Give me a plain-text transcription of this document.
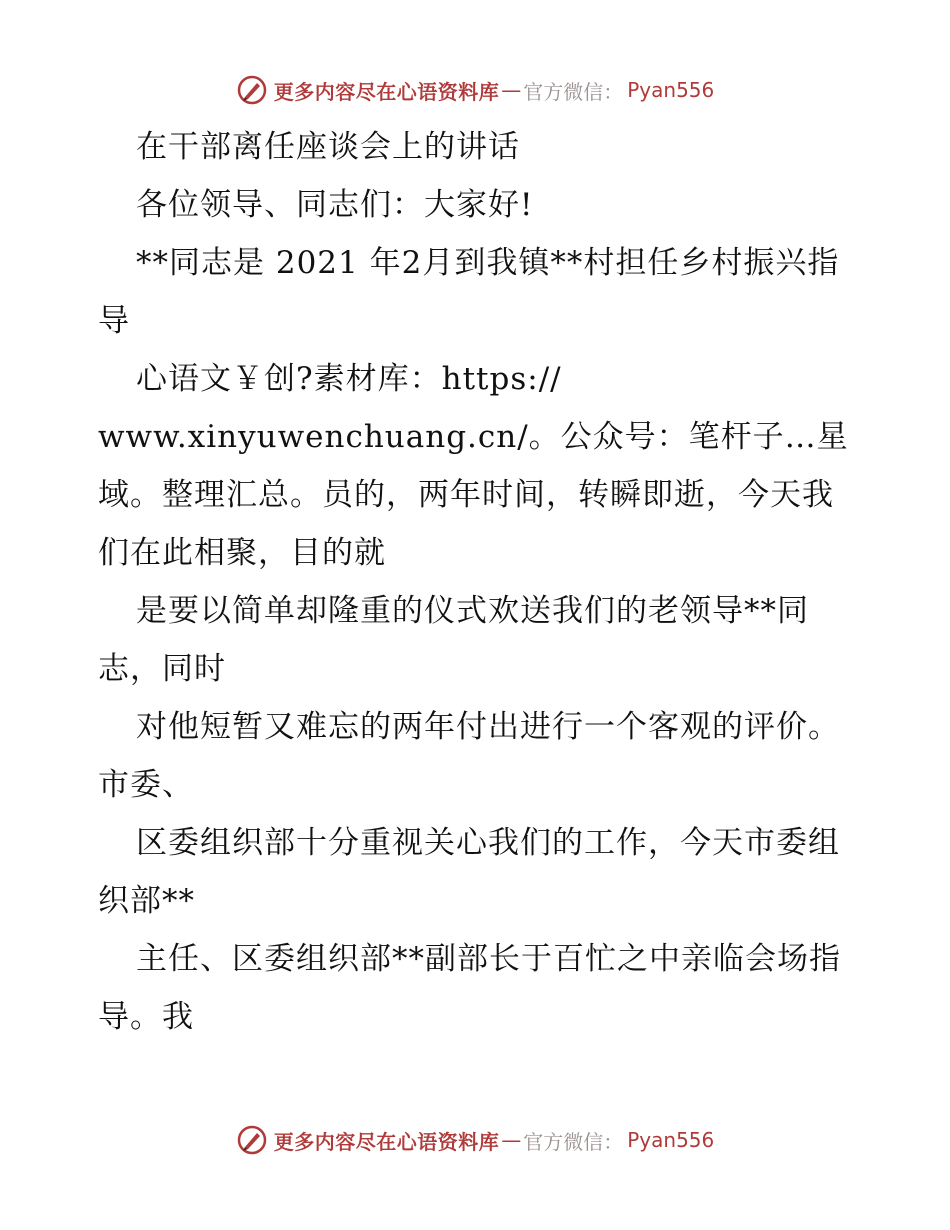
更多内容尽在心语资料库 — 官方微信： Pyan556

在干部离任座谈会上的讲话

各位领导、同志们：大家好!

**同志是 2021 年2月到我镇**村担任乡村振兴指导

心语文￥创?素材库：https://

www.xinyuwenchuang.cn/。公众号：笔杆子…星域。整理汇总。员的，两年时间，转瞬即逝，今天我们在此相聚，目的就

是要以简单却隆重的仪式欢送我们的老领导**同志，同时

对他短暂又难忘的两年付出进行一个客观的评价。市委、

区委组织部十分重视关心我们的工作，今天市委组织部**

主任、区委组织部**副部长于百忙之中亲临会场指导。我

更多内容尽在心语资料库 — 官方微信： Pyan556
